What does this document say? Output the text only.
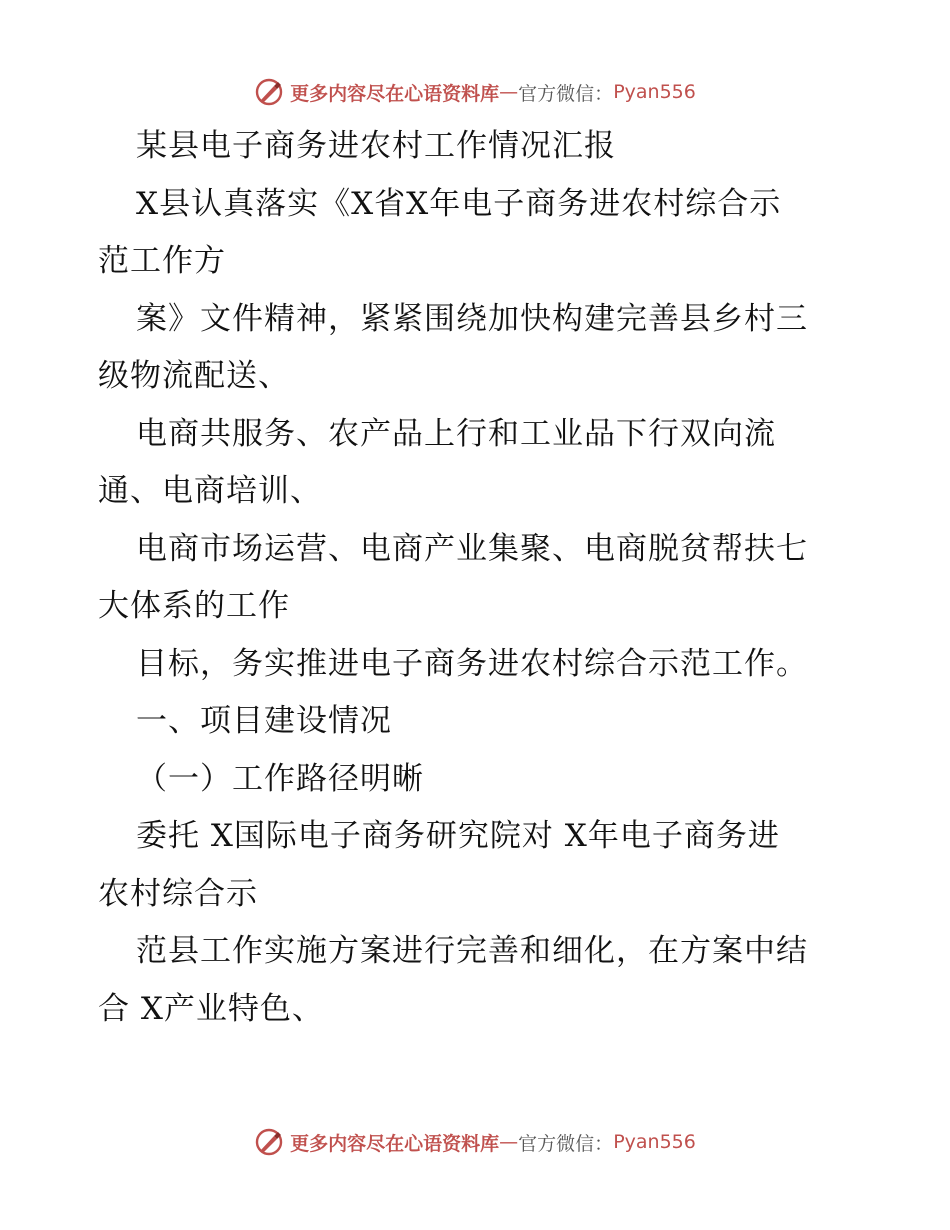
更多内容尽在心语资料库 — 官方微信： Pyan556

某县电子商务进农村工作情况汇报

X县认真落实《X省X年电子商务进农村综合示

范工作方

案》文件精神，紧紧围绕加快构建完善县乡村三

级物流配送、

电商共服务、农产品上行和工业品下行双向流

通、电商培训、

电商市场运营、电商产业集聚、电商脱贫帮扶七

大体系的工作

目标，务实推进电子商务进农村综合示范工作。

一、项目建设情况

（一）工作路径明晰

委托 X国际电子商务研究院对 X年电子商务进

农村综合示

范县工作实施方案进行完善和细化，在方案中结

合 X产业特色、

更多内容尽在心语资料库 — 官方微信： Pyan556
